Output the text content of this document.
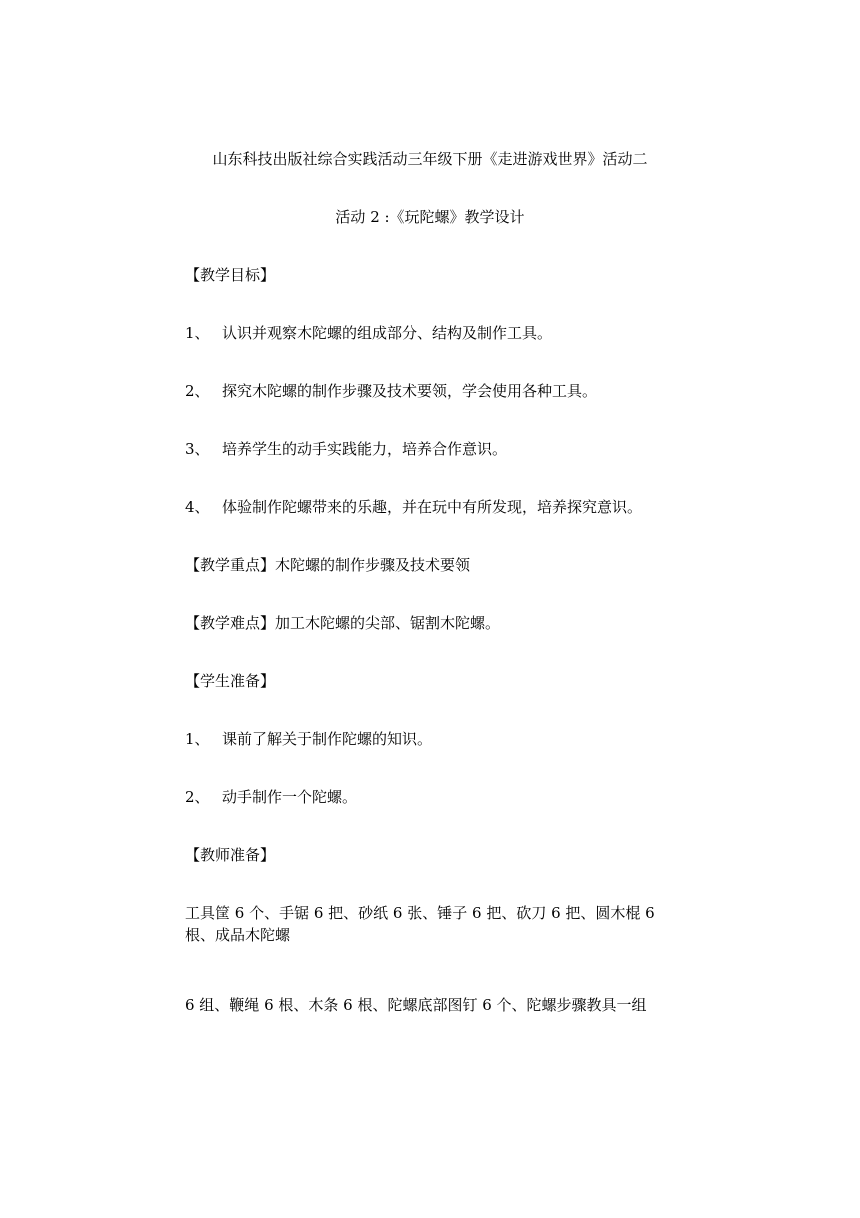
山东科技出版社综合实践活动三年级下册《走进游戏世界》活动二
活动 2 :《玩陀螺》教学设计
【教学目标】
1、 认识并观察木陀螺的组成部分、结构及制作工具。
2、 探究木陀螺的制作步骤及技术要领，学会使用各种工具。
3、 培养学生的动手实践能力，培养合作意识。
4、 体验制作陀螺带来的乐趣，并在玩中有所发现，培养探究意识。
【教学重点】木陀螺的制作步骤及技术要领
【教学难点】加工木陀螺的尖部、锯割木陀螺。
【学生准备】
1、 课前了解关于制作陀螺的知识。
2、 动手制作一个陀螺。
【教师准备】
工具筐 6 个、手锯 6 把、砂纸 6 张、锤子 6 把、砍刀 6 把、圆木棍 6 根、成品木陀螺
6 组、鞭绳 6 根、木条 6 根、陀螺底部图钉 6 个、陀螺步骤教具一组
